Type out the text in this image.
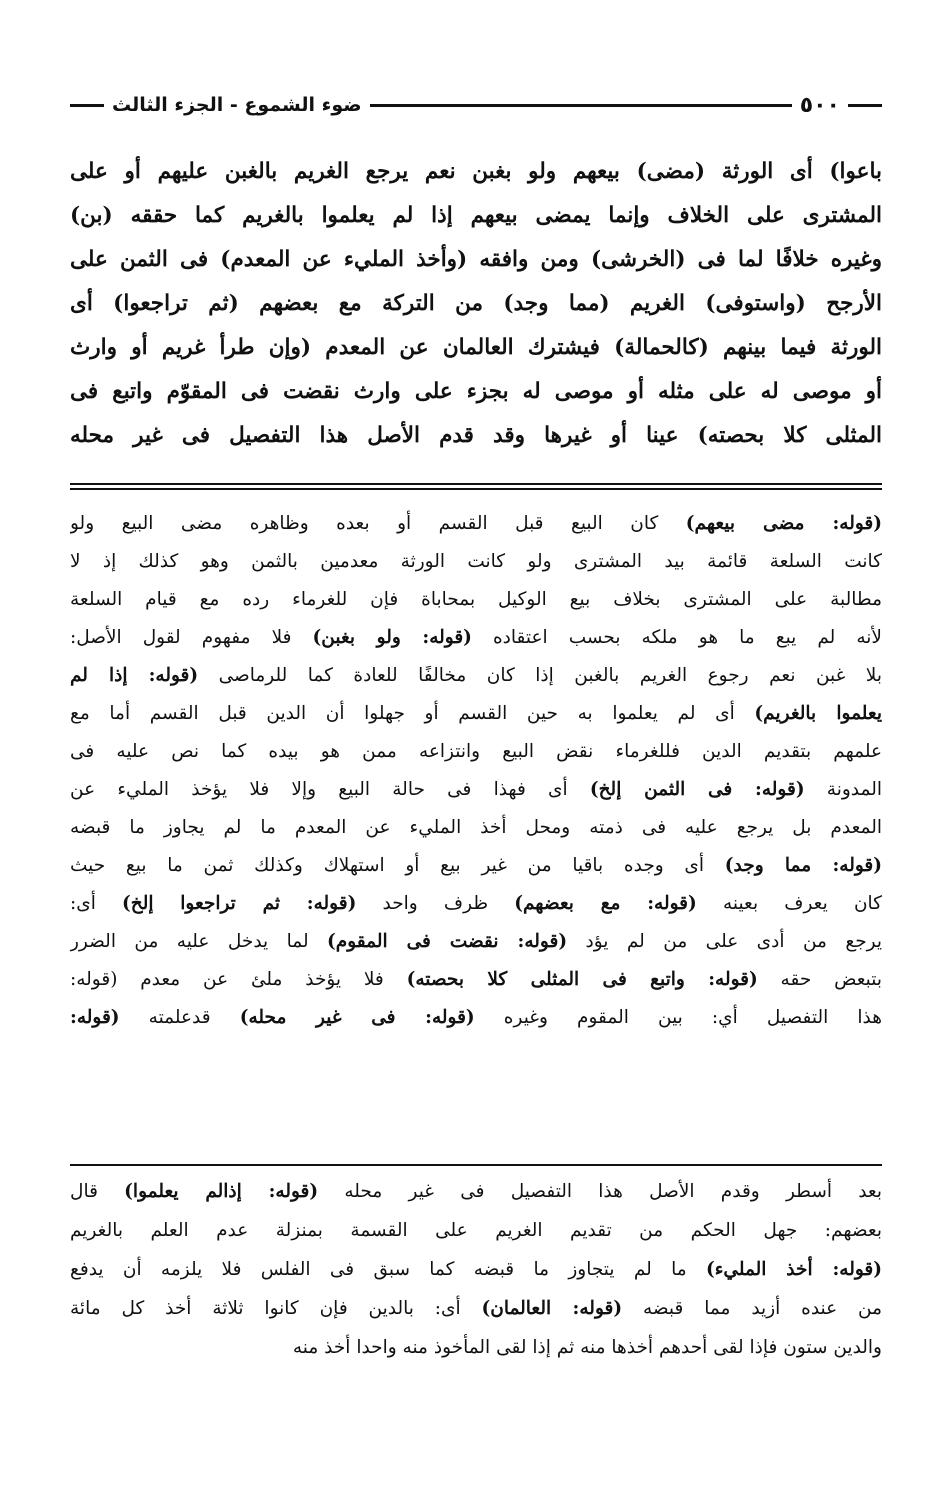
٥٠٠
ضوء الشموع - الجزء الثالث
باعوا) أى الورثة (مضى) بيعهم ولو بغبن نعم يرجع الغريم بالغبن عليهم أو على
المشترى على الخلاف وإنما يمضى بيعهم إذا لم يعلموا بالغريم كما حققه (بن)
وغيره خلافًا لما فى (الخرشى) ومن وافقه (وأخذ المليء عن المعدم) فى الثمن على
الأرجح (واستوفى) الغريم (مما وجد) من التركة مع بعضهم (ثم تراجعوا) أى
الورثة فيما بينهم (كالحمالة) فيشترك العالمان عن المعدم (وإن طرأ غريم أو وارث
أو موصى له على مثله أو موصى له بجزء على وارث نقضت فى المقوّم واتبع فى
المثلى كلا بحصته) عينا أو غيرها وقد قدم الأصل هذا التفصيل فى غير محله
(قوله: مضى بيعهم) كان البيع قبل القسم أو بعده وظاهره مضى البيع ولو
كانت السلعة قائمة بيد المشترى ولو كانت الورثة معدمين بالثمن وهو كذلك إذ لا
مطالبة على المشترى بخلاف بيع الوكيل بمحاباة فإن للغرماء رده مع قيام السلعة
لأنه لم يبع ما هو ملكه بحسب اعتقاده (قوله: ولو بغبن) فلا مفهوم لقول الأصل:
بلا غبن نعم رجوع الغريم بالغبن إذا كان مخالفًا للعادة كما للرماصى (قوله: إذا لم
يعلموا بالغريم) أى لم يعلموا به حين القسم أو جهلوا أن الدين قبل القسم أما مع
علمهم بتقديم الدين فللغرماء نقض البيع وانتزاعه ممن هو بيده كما نص عليه فى
المدونة (قوله: فى الثمن إلخ) أى فهذا فى حالة البيع وإلا فلا يؤخذ المليء عن
المعدم بل يرجع عليه فى ذمته ومحل أخذ المليء عن المعدم ما لم يجاوز ما قبضه
(قوله: مما وجد) أى وجده باقيا من غير بيع أو استهلاك وكذلك ثمن ما بيع حيث
كان يعرف بعينه (قوله: مع بعضهم) ظرف واحد (قوله: ثم تراجعوا إلخ) أى:
يرجع من أدى على من لم يؤد (قوله: نقضت فى المقوم) لما يدخل عليه من الضرر
بتبعض حقه (قوله: واتبع فى المثلى كلا بحصته) فلا يؤخذ ملئ عن معدم (قوله:
هذا التفصيل أي: بين المقوم وغيره (قوله: فى غير محله) قدعلمته (قوله:
بعد أسطر وقدم الأصل هذا التفصيل فى غير محله (قوله: إذالم يعلموا) قال
بعضهم: جهل الحكم من تقديم الغريم على القسمة بمنزلة عدم العلم بالغريم
(قوله: أخذ المليء) ما لم يتجاوز ما قبضه كما سبق فى الفلس فلا يلزمه أن يدفع
من عنده أزيد مما قبضه (قوله: العالمان) أى: بالدين فإن كانوا ثلاثة أخذ كل مائة
والدين ستون فإذا لقى أحدهم أخذها منه ثم إذا لقى المأخوذ منه واحدا أخذ منه
